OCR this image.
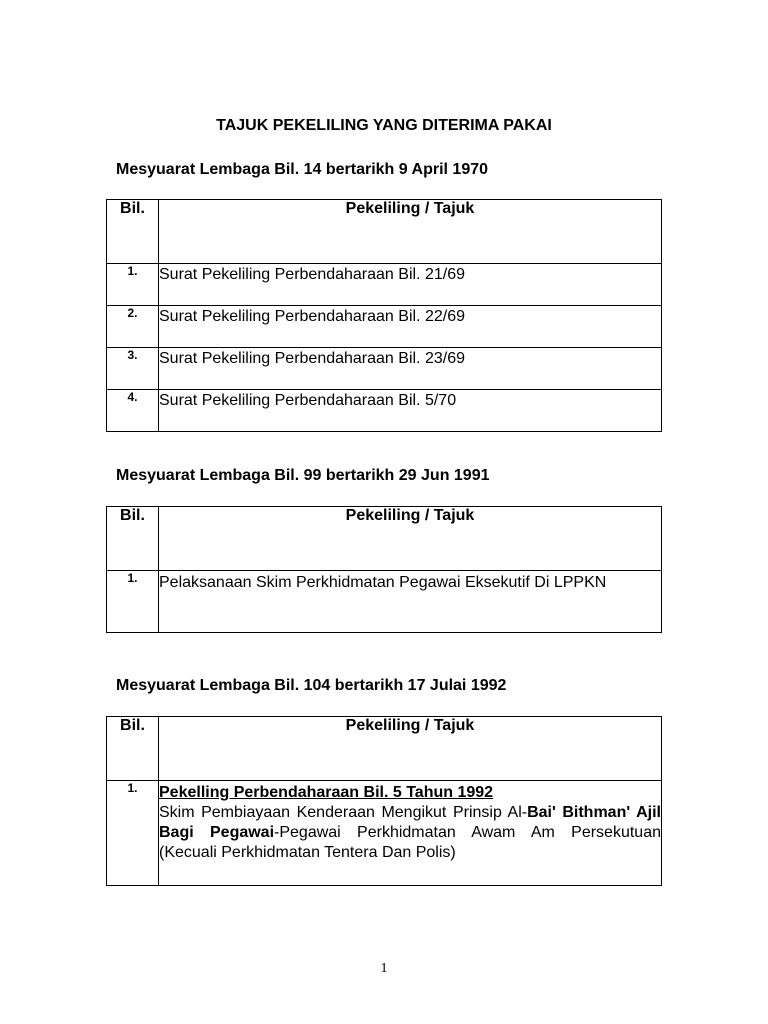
TAJUK PEKELILING YANG DITERIMA PAKAI
Mesyuarat Lembaga Bil. 14 bertarikh 9 April 1970
Bil.	Pekeliling / Tajuk
1.	Surat Pekeliling Perbendaharaan Bil. 21/69
2.	Surat Pekeliling Perbendaharaan Bil. 22/69
3.	Surat Pekeliling Perbendaharaan Bil. 23/69
4.	Surat Pekeliling Perbendaharaan Bil. 5/70
Mesyuarat Lembaga Bil. 99 bertarikh 29 Jun 1991
Bil.	Pekeliling / Tajuk
1.	Pelaksanaan Skim Perkhidmatan Pegawai Eksekutif Di LPPKN
Mesyuarat Lembaga Bil. 104 bertarikh 17 Julai 1992
Bil.	Pekeliling / Tajuk
1.	Pekelling Perbendaharaan Bil. 5 Tahun 1992
Skim Pembiayaan Kenderaan Mengikut Prinsip Al-Bai' Bithman' Ajil Bagi Pegawai-Pegawai Perkhidmatan Awam Am Persekutuan (Kecuali Perkhidmatan Tentera Dan Polis)
1
